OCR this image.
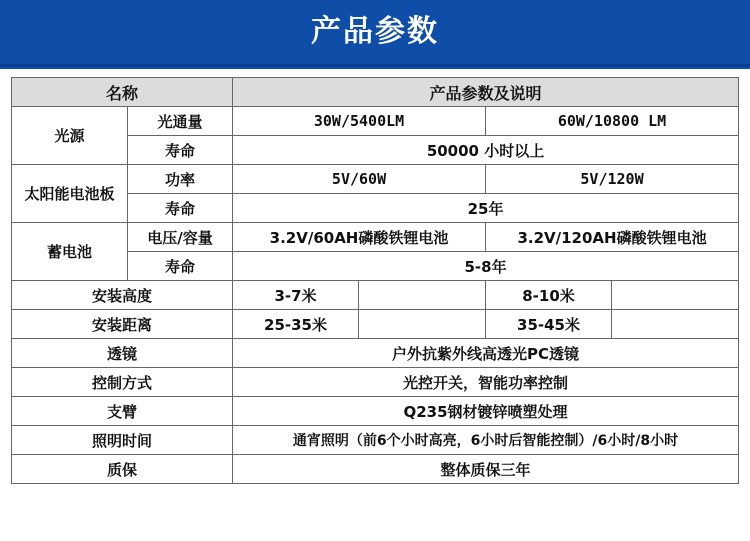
产品参数
名称		产品参数及说明			
光源	光通量	30W/5400LM		60W/10800 LM	
	寿命	50000 小时以上			
太阳能电池板	功率	5V/60W		5V/120W	
	寿命	25年			
蓄电池	电压/容量	3.2V/60AH磷酸铁锂电池		3.2V/120AH磷酸铁锂电池	
	寿命	5-8年			
安装高度		3-7米		8-10米	
安装距离		25-35米		35-45米	
透镜		户外抗紫外线高透光PC透镜			
控制方式		光控开关，智能功率控制			
支臂		Q235钢材镀锌喷塑处理			
照明时间		通宵照明（前6个小时高亮，6小时后智能控制）/6小时/8小时			
质保		整体质保三年			
